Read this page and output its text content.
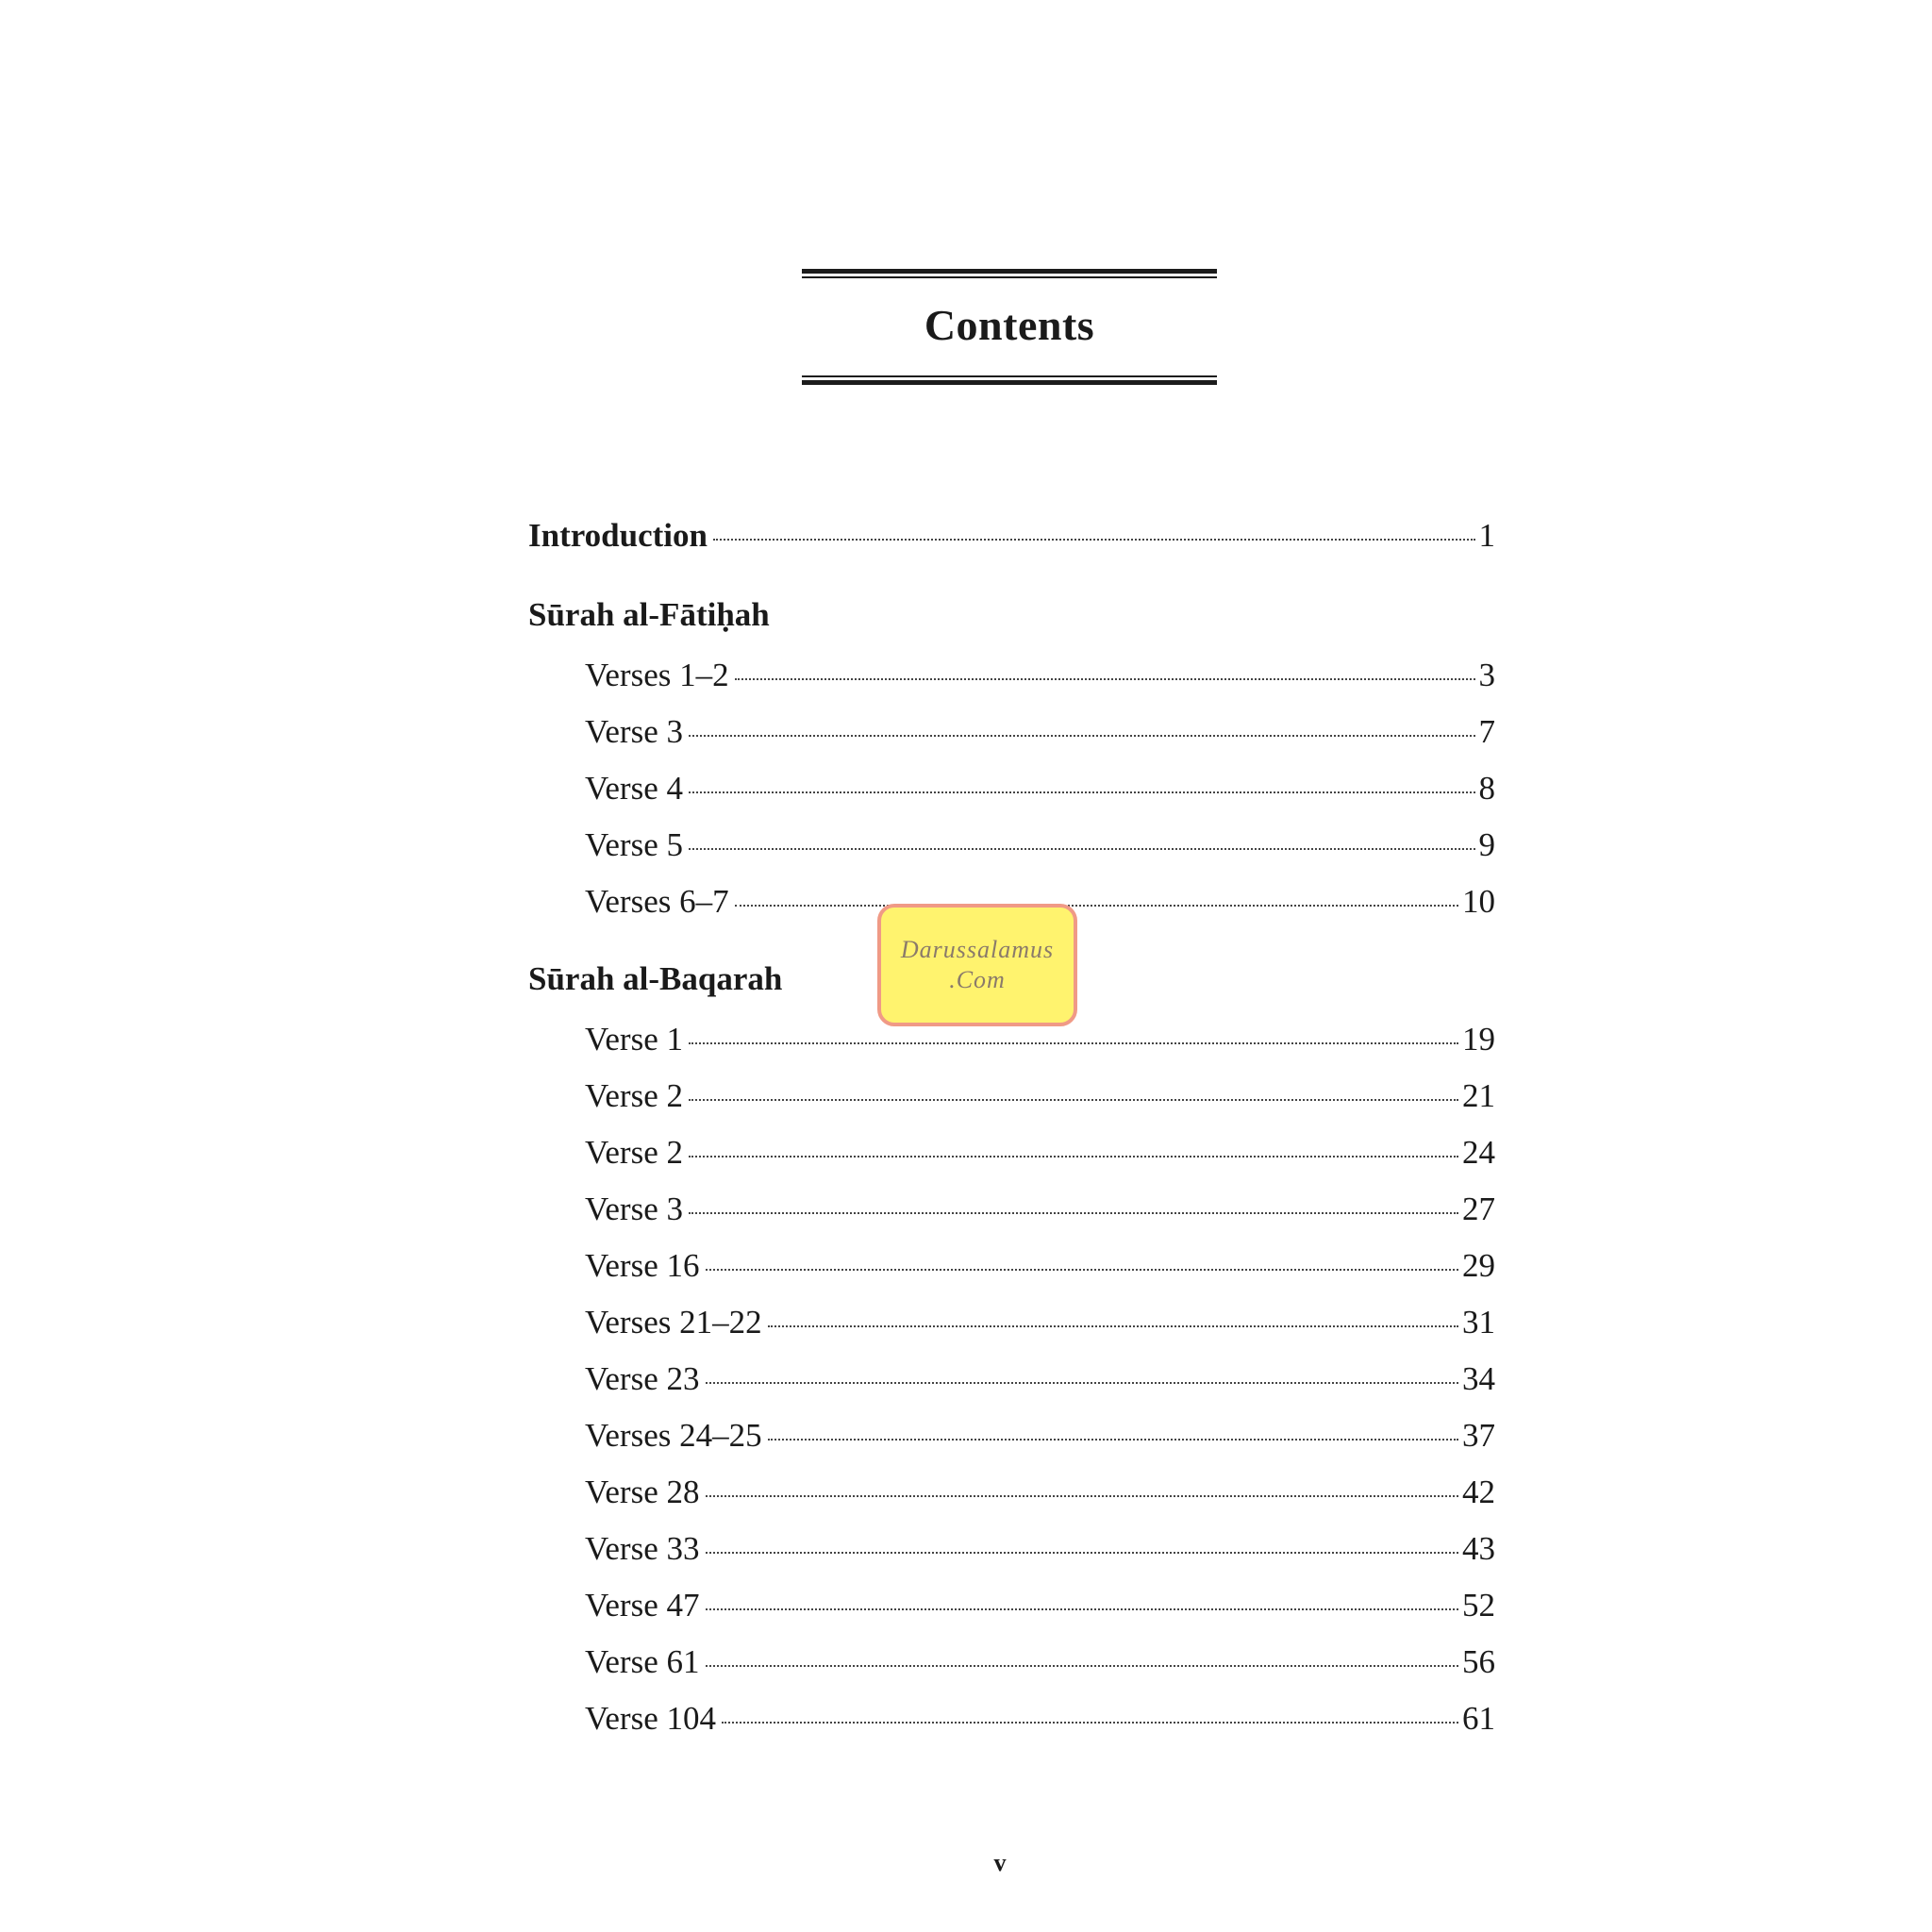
Contents
Introduction	1
Sūrah al-Fātiḥah
Verses 1–2	3
Verse 3	7
Verse 4	8
Verse 5	9
Verses 6–7	10
Sūrah al-Baqarah
Verse 1	19
Verse 2	21
Verse 2	24
Verse 3	27
Verse 16	29
Verses 21–22	31
Verse 23	34
Verses 24–25	37
Verse 28	42
Verse 33	43
Verse 47	52
Verse 61	56
Verse 104	61
Darussalamus
.Com
v
